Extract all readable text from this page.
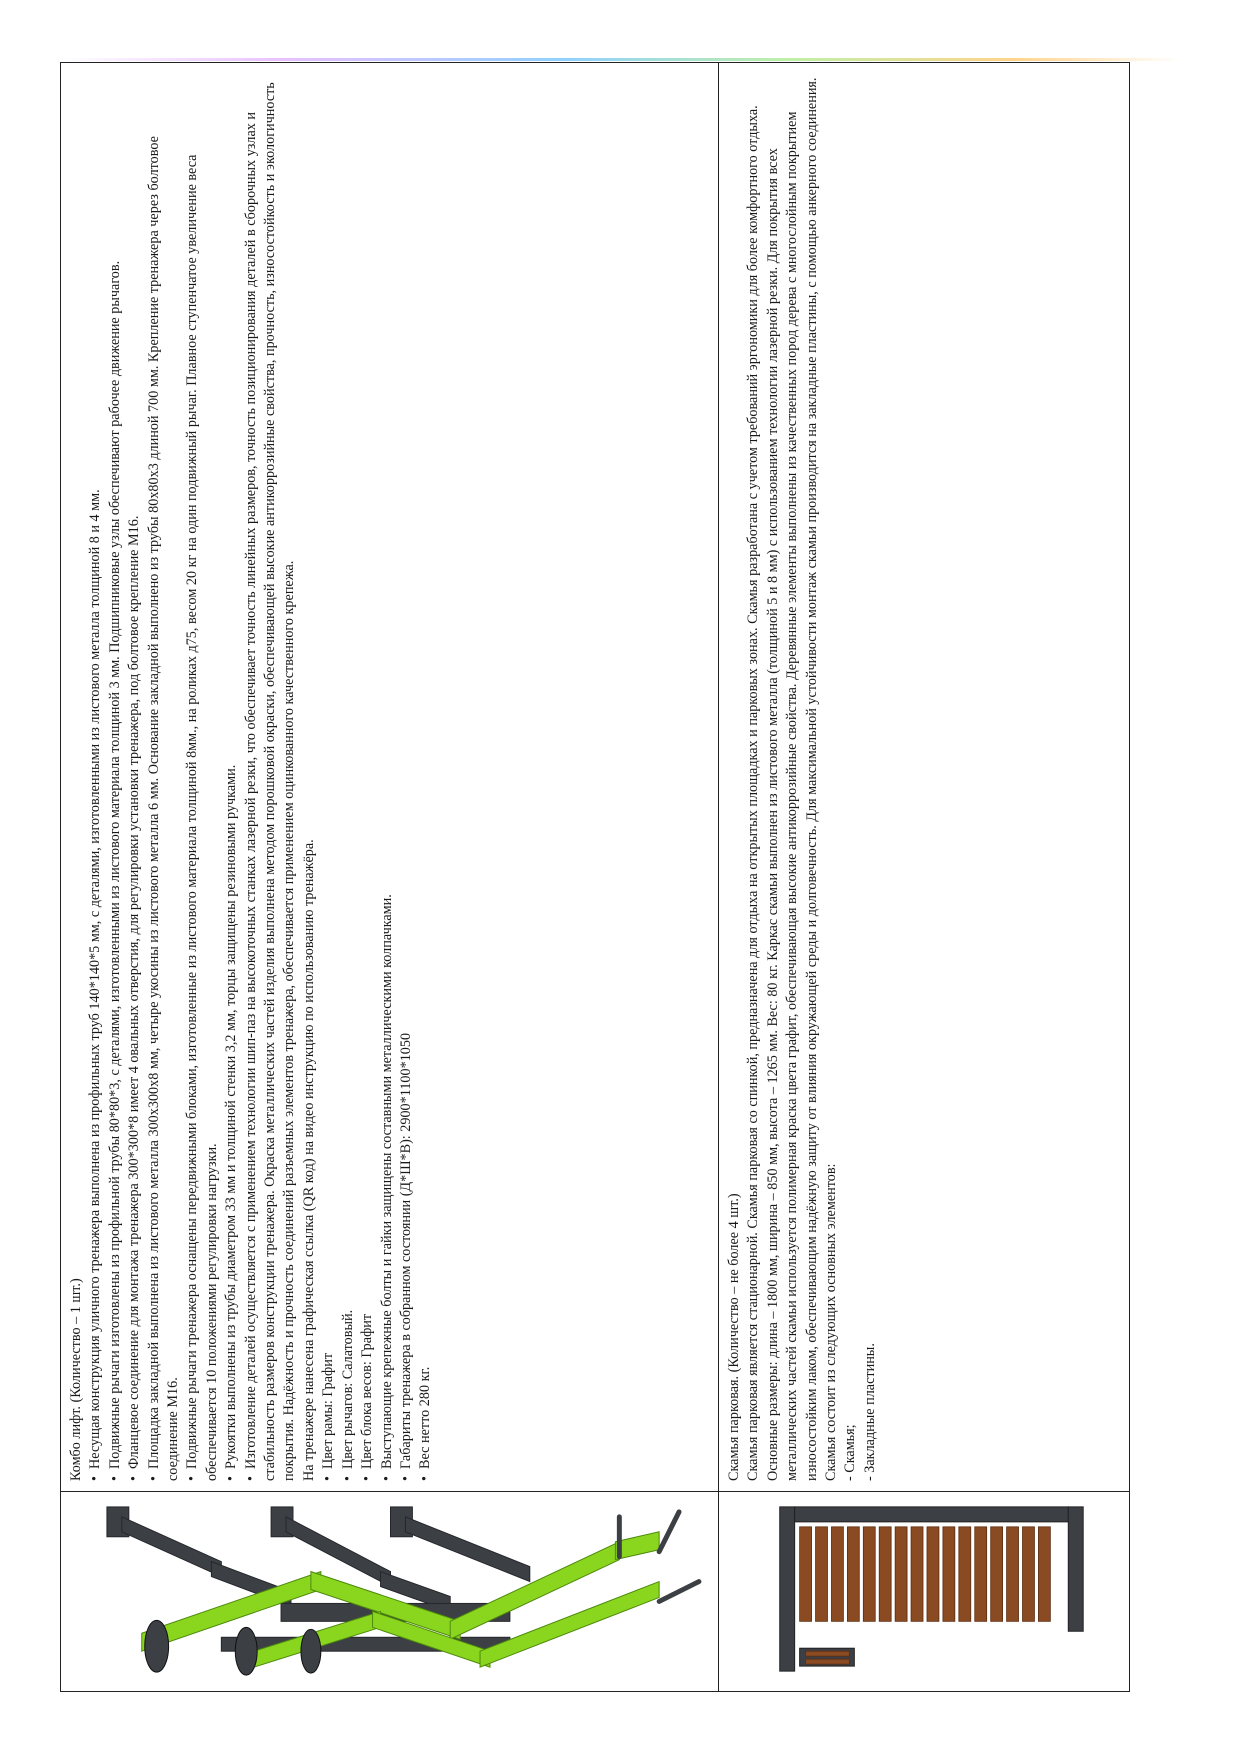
Комбо лифт. (Количество – 1 шт.) •  Несущая конструкция уличного тренажера выполнена из профильных труб 140*140*5 мм, с деталями, изготовленными из листового металла толщиной 8 и 4 мм. •  Подвижные рычаги изготовлены из профильной трубы 80*80*3, с деталями, изготовленными из листового материала толщиной 3 мм. Подшипниковые узлы обеспечивают рабочее движение рычагов. •  Фланцевое соединение для монтажа тренажера 300*300*8 имеет 4 овальных отверстия, для регулировки установки тренажера, под болтовое крепление М16. •  Площадка закладной выполнена из листового металла 300х300х8 мм, четыре укосины из листового металла 6 мм. Основание закладной выполнено из трубы 80х80х3 длиной 700 мм. Крепление тренажера через болтовое соединение М16. •  Подвижные рычаги тренажера оснащены передвижными блоками, изготовленные из листового материала толщиной 8мм., на роликах д75, весом 20 кг на один подвижный рычаг. Плавное ступенчатое увеличение веса обеспечивается 10 положениями регулировки нагрузки. •  Рукоятки выполнены из трубы диаметром 33 мм и толщиной стенки 3,2 мм, торцы защищены резиновыми ручками. •  Изготовление деталей осуществляется с применением технологии шип-паз на высокоточных станках лазерной резки, что обеспечивает точность линейных размеров, точность позиционирования деталей в сборочных узлах и стабильность размеров конструкции тренажера. Окраска металлических частей изделия выполнена методом порошковой окраски, обеспечивающей высокие антикоррозийные свойства, прочность, износостойкость и экологичность покрытия. Надёжность и прочность соединений разъемных элементов тренажера, обеспечивается применением оцинкованного качественного крепежа. На тренажере нанесена графическая ссылка (QR код) на видео инструкцию по использованию тренажёра. •  Цвет рамы: Графит •  Цвет рычагов: Салатовый. •  Цвет блока весов: Графит •  Выступающие крепежные болты и гайки защищены составными металлическими колпачками. •  Габариты тренажера в собранном состоянии (Д*Ш*В): 2900*1100*1050 •  Вес нетто 280 кг.	Скамья парковая. (Количество – не более 4 шт.) Скамья парковая является стационарной. Скамья парковая со спинкой, предназначена для отдыха на открытых площадках и парковых зонах. Скамья разработана с учетом требований эргономики для более комфортного отдыха. Основные размеры: длина – 1800 мм, ширина – 850 мм, высота – 1265 мм. Вес: 80 кг. Каркас скамьи выполнен из листового металла (толщиной 5 и 8 мм) с использованием технологии лазерной резки. Для покрытия всех металлических частей скамьи используется полимерная краска цвета графит, обеспечивающая высокие антикоррозийные свойства. Деревянные элементы выполнены из качественных пород дерева с многослойным покрытием износостойким лаком, обеспечивающим надёжную защиту от влияния окружающей среды и долговечность. Для максимальной устойчивости монтаж скамьи производится на закладные пластины, с помощью анкерного соединения. Скамья состоит из следующих основных элементов: - Скамья; - Закладные пластины.
